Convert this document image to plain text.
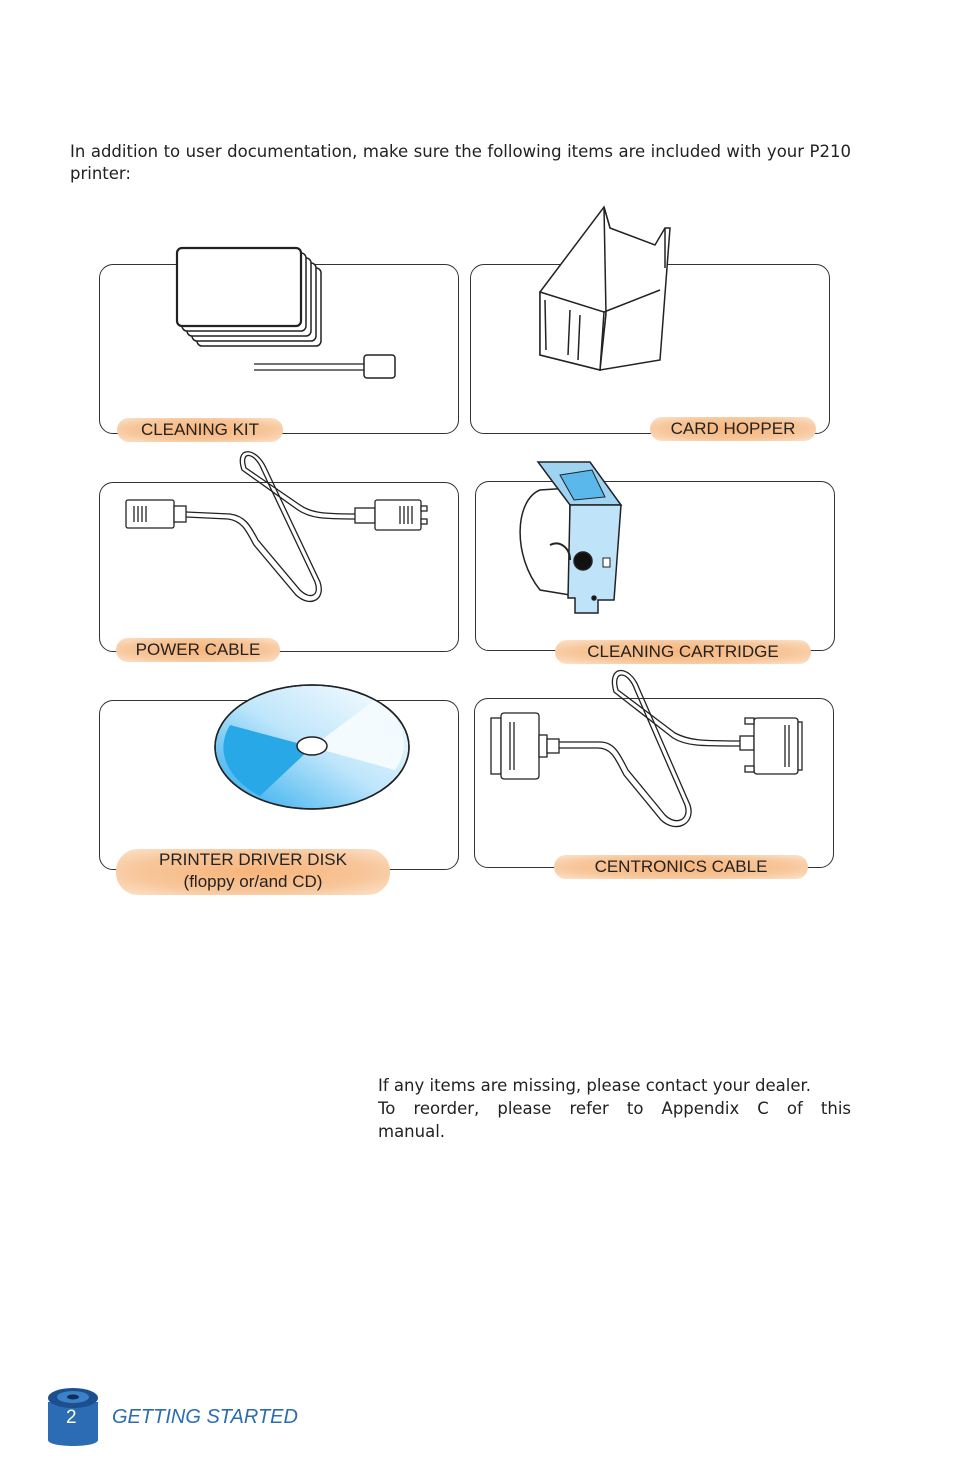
In addition to user documentation, make sure the following items are included with your P210 printer:

CLEANING KIT	CARD HOPPER
POWER CABLE	CLEANING CARTRIDGE
PRINTER DRIVER DISK
(floppy or/and CD)
CENTRONICS CABLE

If any items are missing, please contact your dealer.
To reorder, please refer to Appendix C of this
manual.

2 GETTING STARTED
